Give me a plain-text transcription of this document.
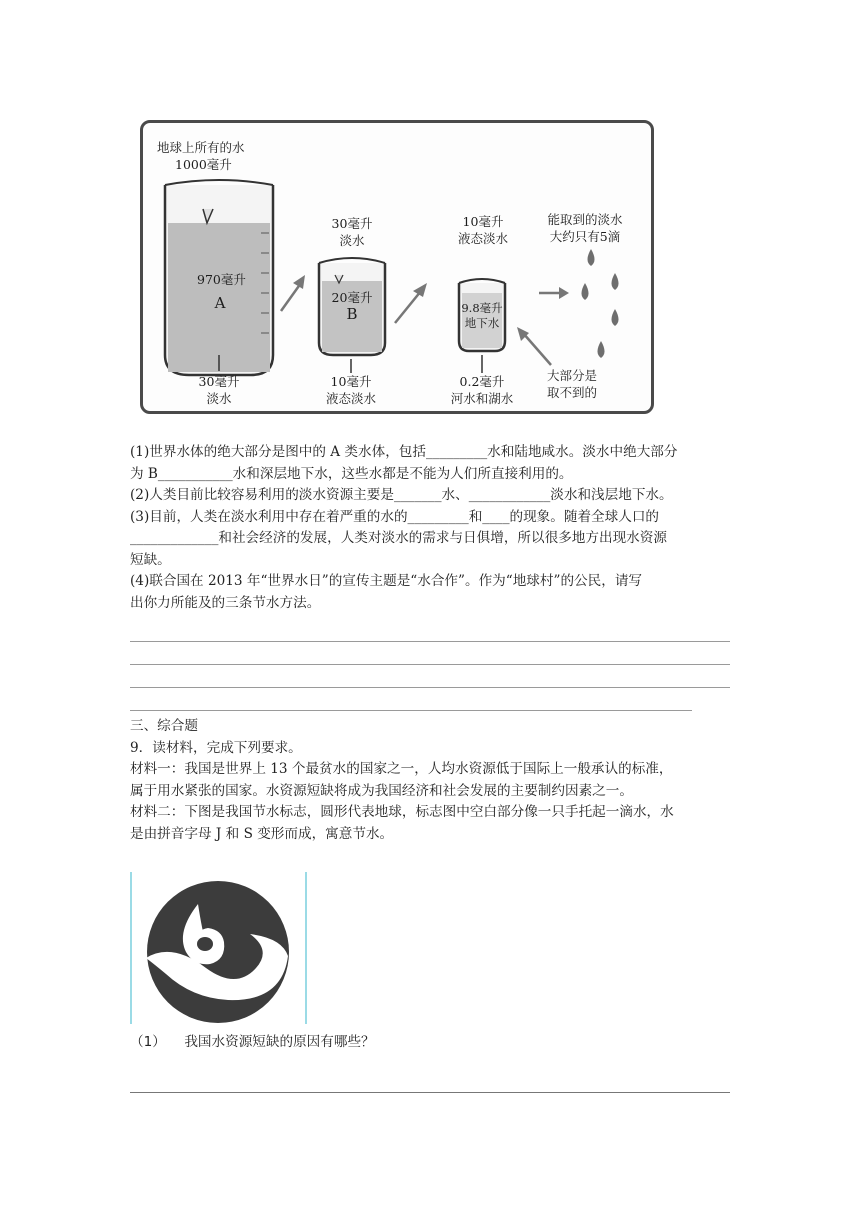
地球上所有的水
1000毫升
970毫升
A
30毫升
淡水
30毫升
淡水
20毫升
B
10毫升
液态淡水
10毫升
液态淡水
9.8毫升
地下水
0.2毫升
河水和湖水
能取到的淡水
大约只有5滴
大部分是
取不到的

(1)世界水体的绝大部分是图中的 A 类水体，包括_________水和陆地咸水。淡水中绝大部分

为 B___________水和深层地下水，这些水都是不能为人们所直接利用的。

(2)人类目前比较容易利用的淡水资源主要是_______水、____________淡水和浅层地下水。

(3)目前，人类在淡水利用中存在着严重的水的_________和____的现象。随着全球人口的

_____________和社会经济的发展，人类对淡水的需求与日俱增，所以很多地方出现水资源

短缺。

(4)联合国在 2013 年“世界水日”的宣传主题是“水合作”。作为“地球村”的公民，请写

出你力所能及的三条节水方法。

三、综合题

9．读材料，完成下列要求。

材料一：我国是世界上 13 个最贫水的国家之一，人均水资源低于国际上一般承认的标准，

属于用水紧张的国家。水资源短缺将成为我国经济和社会发展的主要制约因素之一。

材料二：下图是我国节水标志，圆形代表地球，标志图中空白部分像一只手托起一滴水，水

是由拼音字母 J 和 S 变形而成，寓意节水。

（1） 我国水资源短缺的原因有哪些？
